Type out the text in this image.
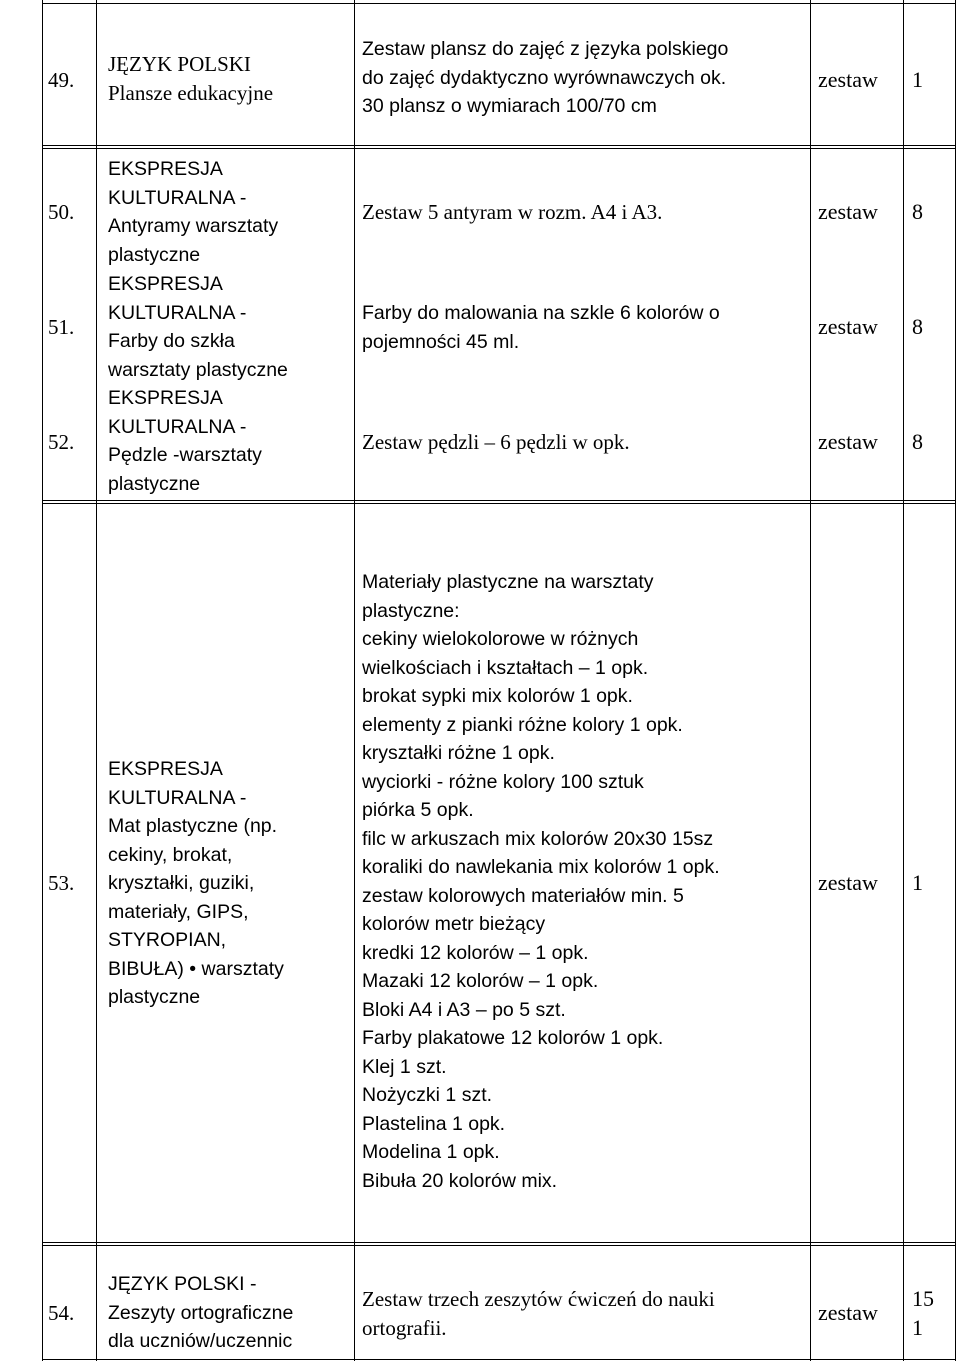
49.
JĘZYK POLSKI
Plansze edukacyjne
Zestaw plansz do zajęć z języka polskiego
do zajęć dydaktyczno wyrównawczych ok.
30 plansz o wymiarach 100/70 cm
zestaw 1
50.
EKSPRESJA
KULTURALNA -
Antyramy warsztaty
plastyczne
Zestaw 5 antyram w rozm. A4 i A3.	zestaw 8
51.
EKSPRESJA
KULTURALNA -
Farby do szkła
warsztaty plastyczne
Farby do malowania na szkle 6 kolorów o
pojemności 45 ml.
zestaw 8
52.
EKSPRESJA
KULTURALNA -
Pędzle -warsztaty
plastyczne
Zestaw pędzli – 6 pędzli w opk.	zestaw 8
53.
EKSPRESJA
KULTURALNA -
Mat plastyczne (np.
cekiny, brokat,
kryształki, guziki,
materiały, GIPS,
STYROPIAN,
BIBUŁA) • warsztaty
plastyczne
Materiały plastyczne na warsztaty
plastyczne:
cekiny wielokolorowe w różnych
wielkościach i kształtach – 1 opk.
brokat sypki mix kolorów 1 opk.
elementy z pianki różne kolory 1 opk.
kryształki różne 1 opk.
wyciorki - różne kolory 100 sztuk
piórka 5 opk.
filc w arkuszach mix kolorów 20x30 15sz
koraliki do nawlekania mix kolorów 1 opk.
zestaw kolorowych materiałów min. 5
kolorów metr bieżący
kredki 12 kolorów – 1 opk.
Mazaki 12 kolorów – 1 opk.
Bloki A4 i A3 – po 5 szt.
Farby plakatowe 12 kolorów 1 opk.
Klej 1 szt.
Nożyczki 1 szt.
Plastelina 1 opk.
Modelina 1 opk.
Bibuła 20 kolorów mix.
zestaw 1
54.
JĘZYK POLSKI -
Zeszyty ortograficzne
dla uczniów/uczennic
Zestaw trzech zeszytów ćwiczeń do nauki
ortografii.
zestaw
15
1
